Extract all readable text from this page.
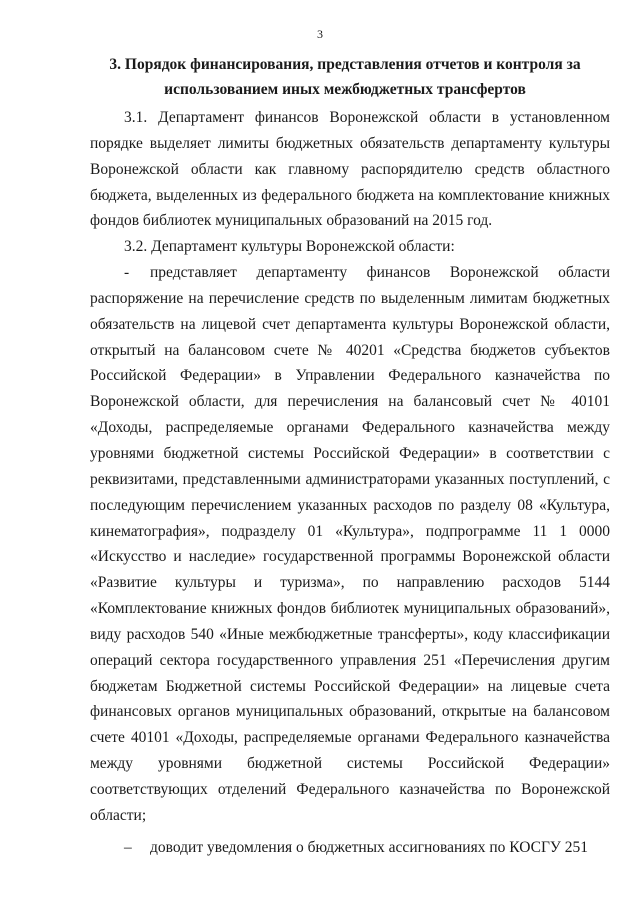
3
3. Порядок финансирования, представления отчетов и контроля за
использованием иных межбюджетных трансфертов

3.1. Департамент финансов Воронежской области в установленном порядке выделяет лимиты бюджетных обязательств департаменту культуры Воронежской области как главному распорядителю средств областного бюджета, выделенных из федерального бюджета на комплектование книжных фондов библиотек муниципальных образований на 2015 год.

3.2. Департамент культуры Воронежской области:

- представляет департаменту финансов Воронежской области распоряжение на перечисление средств по выделенным лимитам бюджетных обязательств на лицевой счет департамента культуры Воронежской области, открытый на балансовом счете № 40201 «Средства бюджетов субъектов Российской Федерации» в Управлении Федерального казначейства по Воронежской области, для перечисления на балансовый счет № 40101 «Доходы, распределяемые органами Федерального казначейства между уровнями бюджетной системы Российской Федерации» в соответствии с реквизитами, представленными администраторами указанных поступлений, с последующим перечислением указанных расходов по разделу 08 «Культура, кинематография», подразделу 01 «Культура», подпрограмме 11 1 0000 «Искусство и наследие» государственной программы Воронежской области «Развитие культуры и туризма», по направлению расходов 5144 «Комплектование книжных фондов библиотек муниципальных образований», виду расходов 540 «Иные межбюджетные трансферты», коду классификации операций сектора государственного управления 251 «Перечисления другим бюджетам Бюджетной системы Российской Федерации» на лицевые счета финансовых органов муниципальных образований, открытые на балансовом счете 40101 «Доходы, распределяемые органами Федерального казначейства между уровнями бюджетной системы Российской Федерации» соответствующих отделений Федерального казначейства по Воронежской области;

– доводит уведомления о бюджетных ассигнованиях по КОСГУ 251
